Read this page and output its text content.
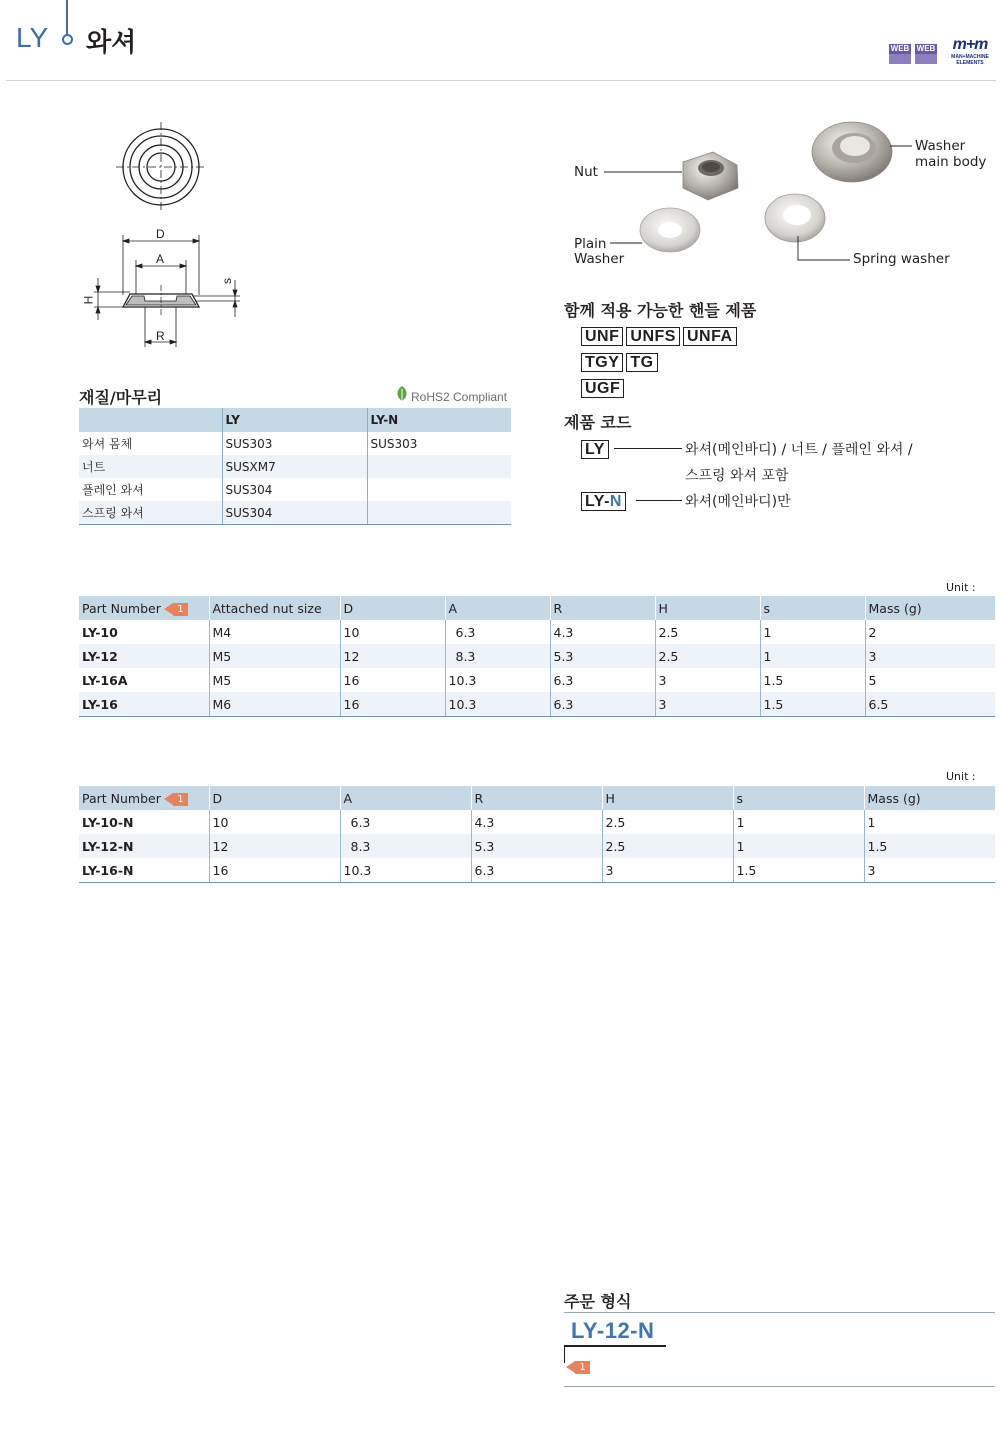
LY 와셔	WEB WEB	m+m
MAN+MACHINE ELEMENTS
D
A
H
R
s
Nut
Washer
main body
Plain
Washer	Spring washer
재질/마무리	RoHS2 Compliant
	LY	LY-N
와셔 몸체	SUS303	SUS303
너트	SUSXM7	
플레인 와셔	SUS304	
스프링 와셔	SUS304	
함께 적용 가능한 핸들 제품
UNF UNFS UNFA
TGY TG
UGF
제품 코드
LY	와셔(메인바디) / 너트 / 플레인 와셔 /
스프링 와셔 포함
LY-N	와셔(메인바디)만
Unit :
Part Number 1	Attached nut size	D	A	R	H	s	Mass (g)
LY-10	M4	10	6.3	4.3	2.5	1	2
LY-12	M5	12	8.3	5.3	2.5	1	3
LY-16A	M5	16	10.3	6.3	3	1.5	5
LY-16	M6	16	10.3	6.3	3	1.5	6.5
Unit :
Part Number 1	D	A	R	H	s	Mass (g)
LY-10-N	10	6.3	4.3	2.5	1	1
LY-12-N	12	8.3	5.3	2.5	1	1.5
LY-16-N	16	10.3	6.3	3	1.5	3
주문 형식
LY-12-N
1
